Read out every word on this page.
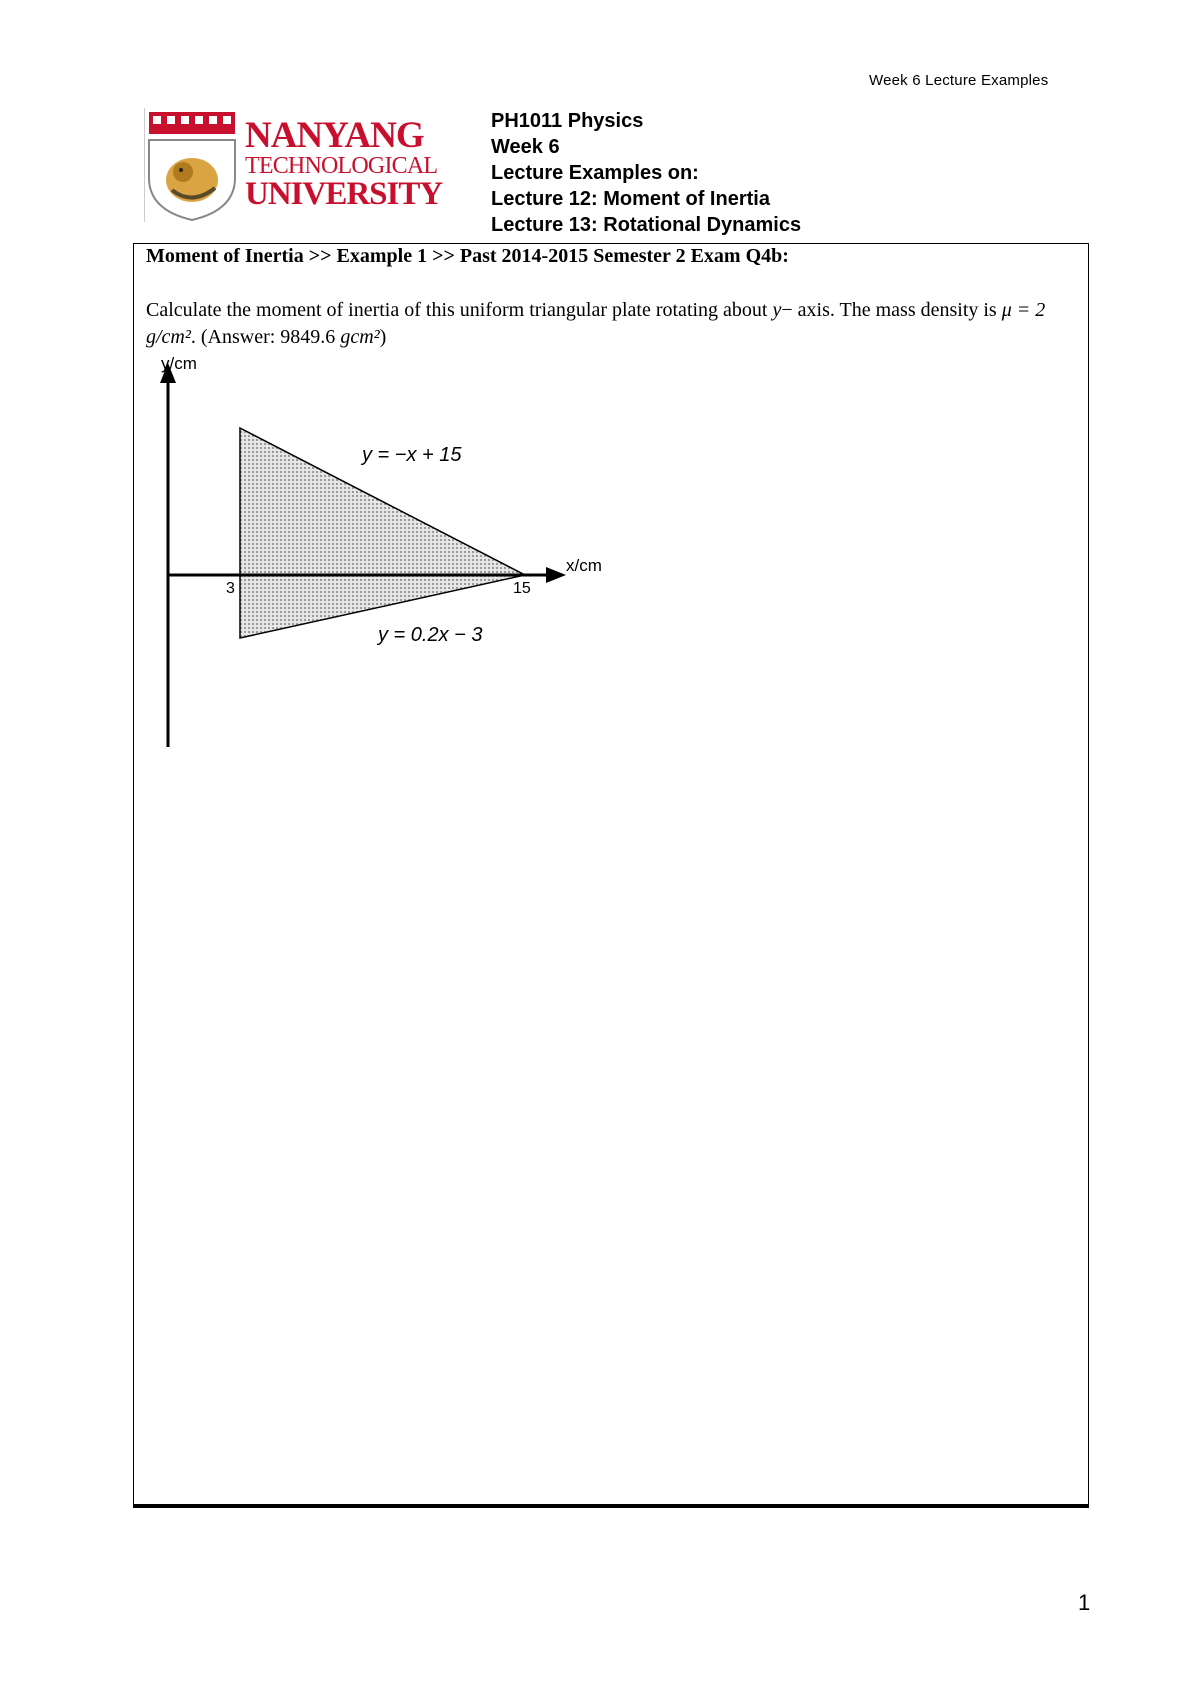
Week 6 Lecture Examples
NANYANG
TECHNOLOGICAL
UNIVERSITY
PH1011 Physics
Week 6
Lecture Examples on:
Lecture 12: Moment of Inertia
Lecture 13: Rotational Dynamics
Moment of Inertia >> Example 1 >> Past 2014-2015 Semester 2 Exam Q4b:
Calculate the moment of inertia of this uniform triangular plate rotating about y− axis. The mass density is μ = 2 g/cm². (Answer: 9849.6 gcm²)
y/cm
x/cm
3	15
y = −x + 15
y = 0.2x − 3
1
